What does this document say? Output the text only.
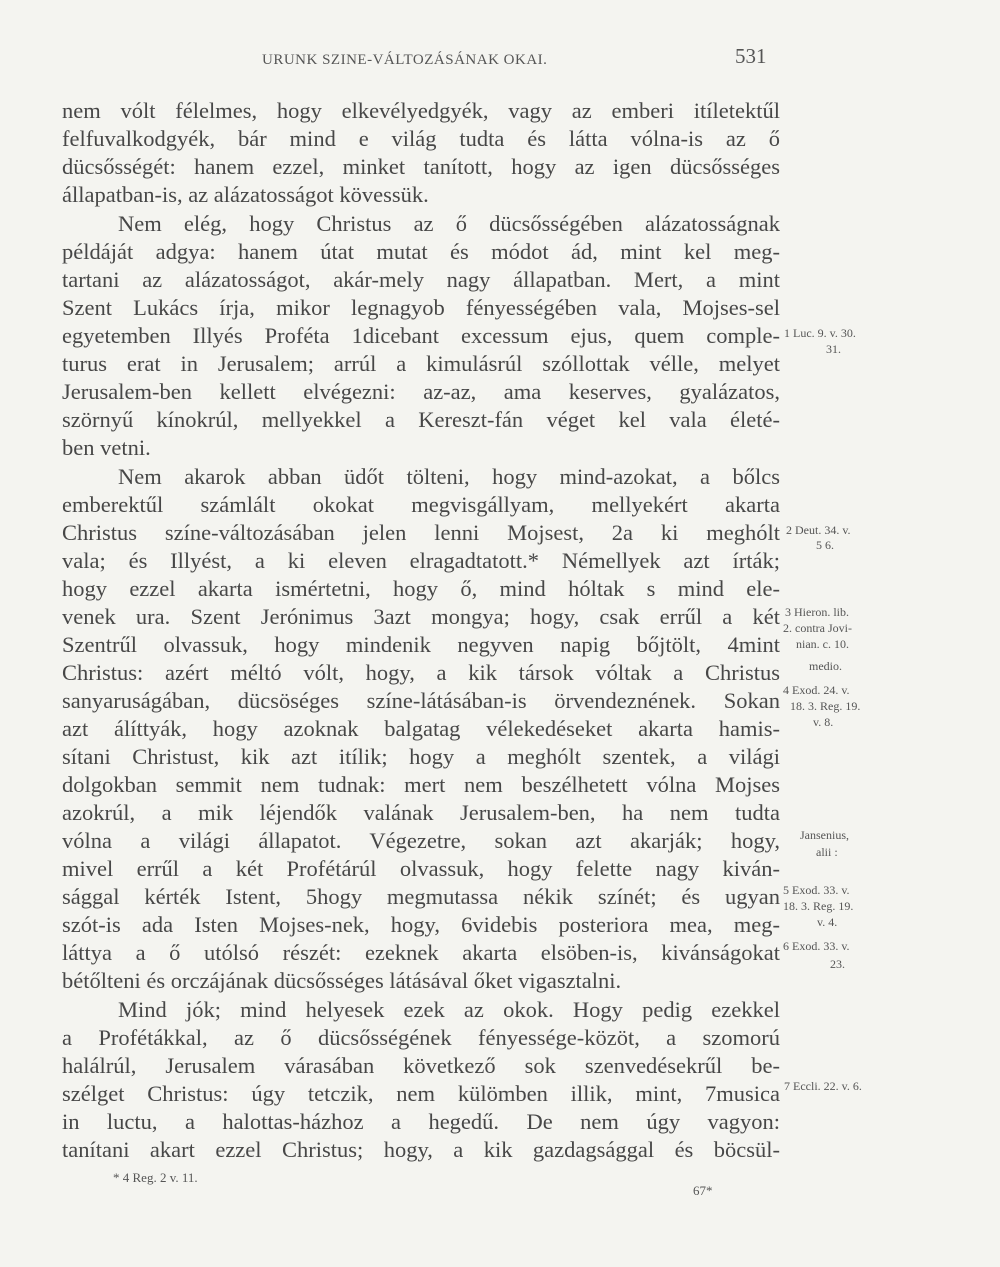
URUNK SZINE-VÁLTOZÁSÁNAK OKAI.	531
nem vólt félelmes, hogy elkevélyedgyék, vagy az emberi itíletektűl
felfuvalkodgyék, bár mind e világ tudta és látta vólna-is az ő
dücsősségét: hanem ezzel, minket tanított, hogy az igen dücsősséges
állapatban-is, az alázatosságot kövessük.
Nem elég, hogy Christus az ő dücsősségében alázatosságnak
példáját adgya: hanem útat mutat és módot ád, mint kel meg-
tartani az alázatosságot, akár-mely nagy állapatban. Mert, a mint
Szent Lukács írja, mikor legnagyob fényességében vala, Mojses-sel
egyetemben Illyés Proféta 1dicebant excessum ejus, quem comple-
turus erat in Jerusalem; arrúl a kimulásrúl szóllottak vélle, melyet
Jerusalem-ben kellett elvégezni: az-az, ama keserves, gyalázatos,
szörnyű kínokrúl, mellyekkel a Kereszt-fán véget kel vala életé-
ben vetni.
Nem akarok abban üdőt tölteni, hogy mind-azokat, a bőlcs
emberektűl számlált okokat megvisgállyam, mellyekért akarta
Christus színe-változásában jelen lenni Mojsest, 2a ki meghólt
vala; és Illyést, a ki eleven elragadtatott.* Némellyek azt írták;
hogy ezzel akarta ismértetni, hogy ő, mind hóltak s mind ele-
venek ura. Szent Jerónimus 3azt mongya; hogy, csak errűl a két
Szentrűl olvassuk, hogy mindenik negyven napig bőjtölt, 4mint
Christus: azért méltó vólt, hogy, a kik társok vóltak a Christus
sanyaruságában, dücsöséges színe-látásában-is örvendeznének. Sokan
azt álíttyák, hogy azoknak balgatag vélekedéseket akarta hamis-
sítani Christust, kik azt itílik; hogy a meghólt szentek, a világi
dolgokban semmit nem tudnak: mert nem beszélhetett vólna Mojses
azokrúl, a mik léjendők valának Jerusalem-ben, ha nem tudta
vólna a világi állapatot. Végezetre, sokan azt akarják; hogy,
mivel errűl a két Profétárúl olvassuk, hogy felette nagy kiván-
sággal kérték Istent, 5hogy megmutassa nékik színét; és ugyan
szót-is ada Isten Mojses-nek, hogy, 6videbis posteriora mea, meg-
láttya a ő utólsó részét: ezeknek akarta elsöben-is, kivánságokat
bétőlteni és orczájának dücsősséges látásával őket vigasztalni.
Mind jók; mind helyesek ezek az okok. Hogy pedig ezekkel
a Profétákkal, az ő dücsősségének fényessége-közöt, a szomorú
halálrúl, Jerusalem várasában következő sok szenvedésekrűl be-
szélget Christus: úgy tetczik, nem külömben illik, mint, 7musica
in luctu, a halottas-házhoz a hegedű. De nem úgy vagyon:
tanítani akart ezzel Christus; hogy, a kik gazdagsággal és böcsül-
1 Luc. 9. v. 30.
31.
2 Deut. 34. v.
5 6.
3 Hieron. lib.
2. contra Jovi-
nian. c. 10.
medio.
4 Exod. 24. v.
18. 3. Reg. 19.
v. 8.
Jansenius,
alii :
5 Exod. 33. v.
18. 3. Reg. 19.
v. 4.
6 Exod. 33. v.
23.
7 Eccli. 22. v. 6.
* 4 Reg. 2 v. 11.
67*
